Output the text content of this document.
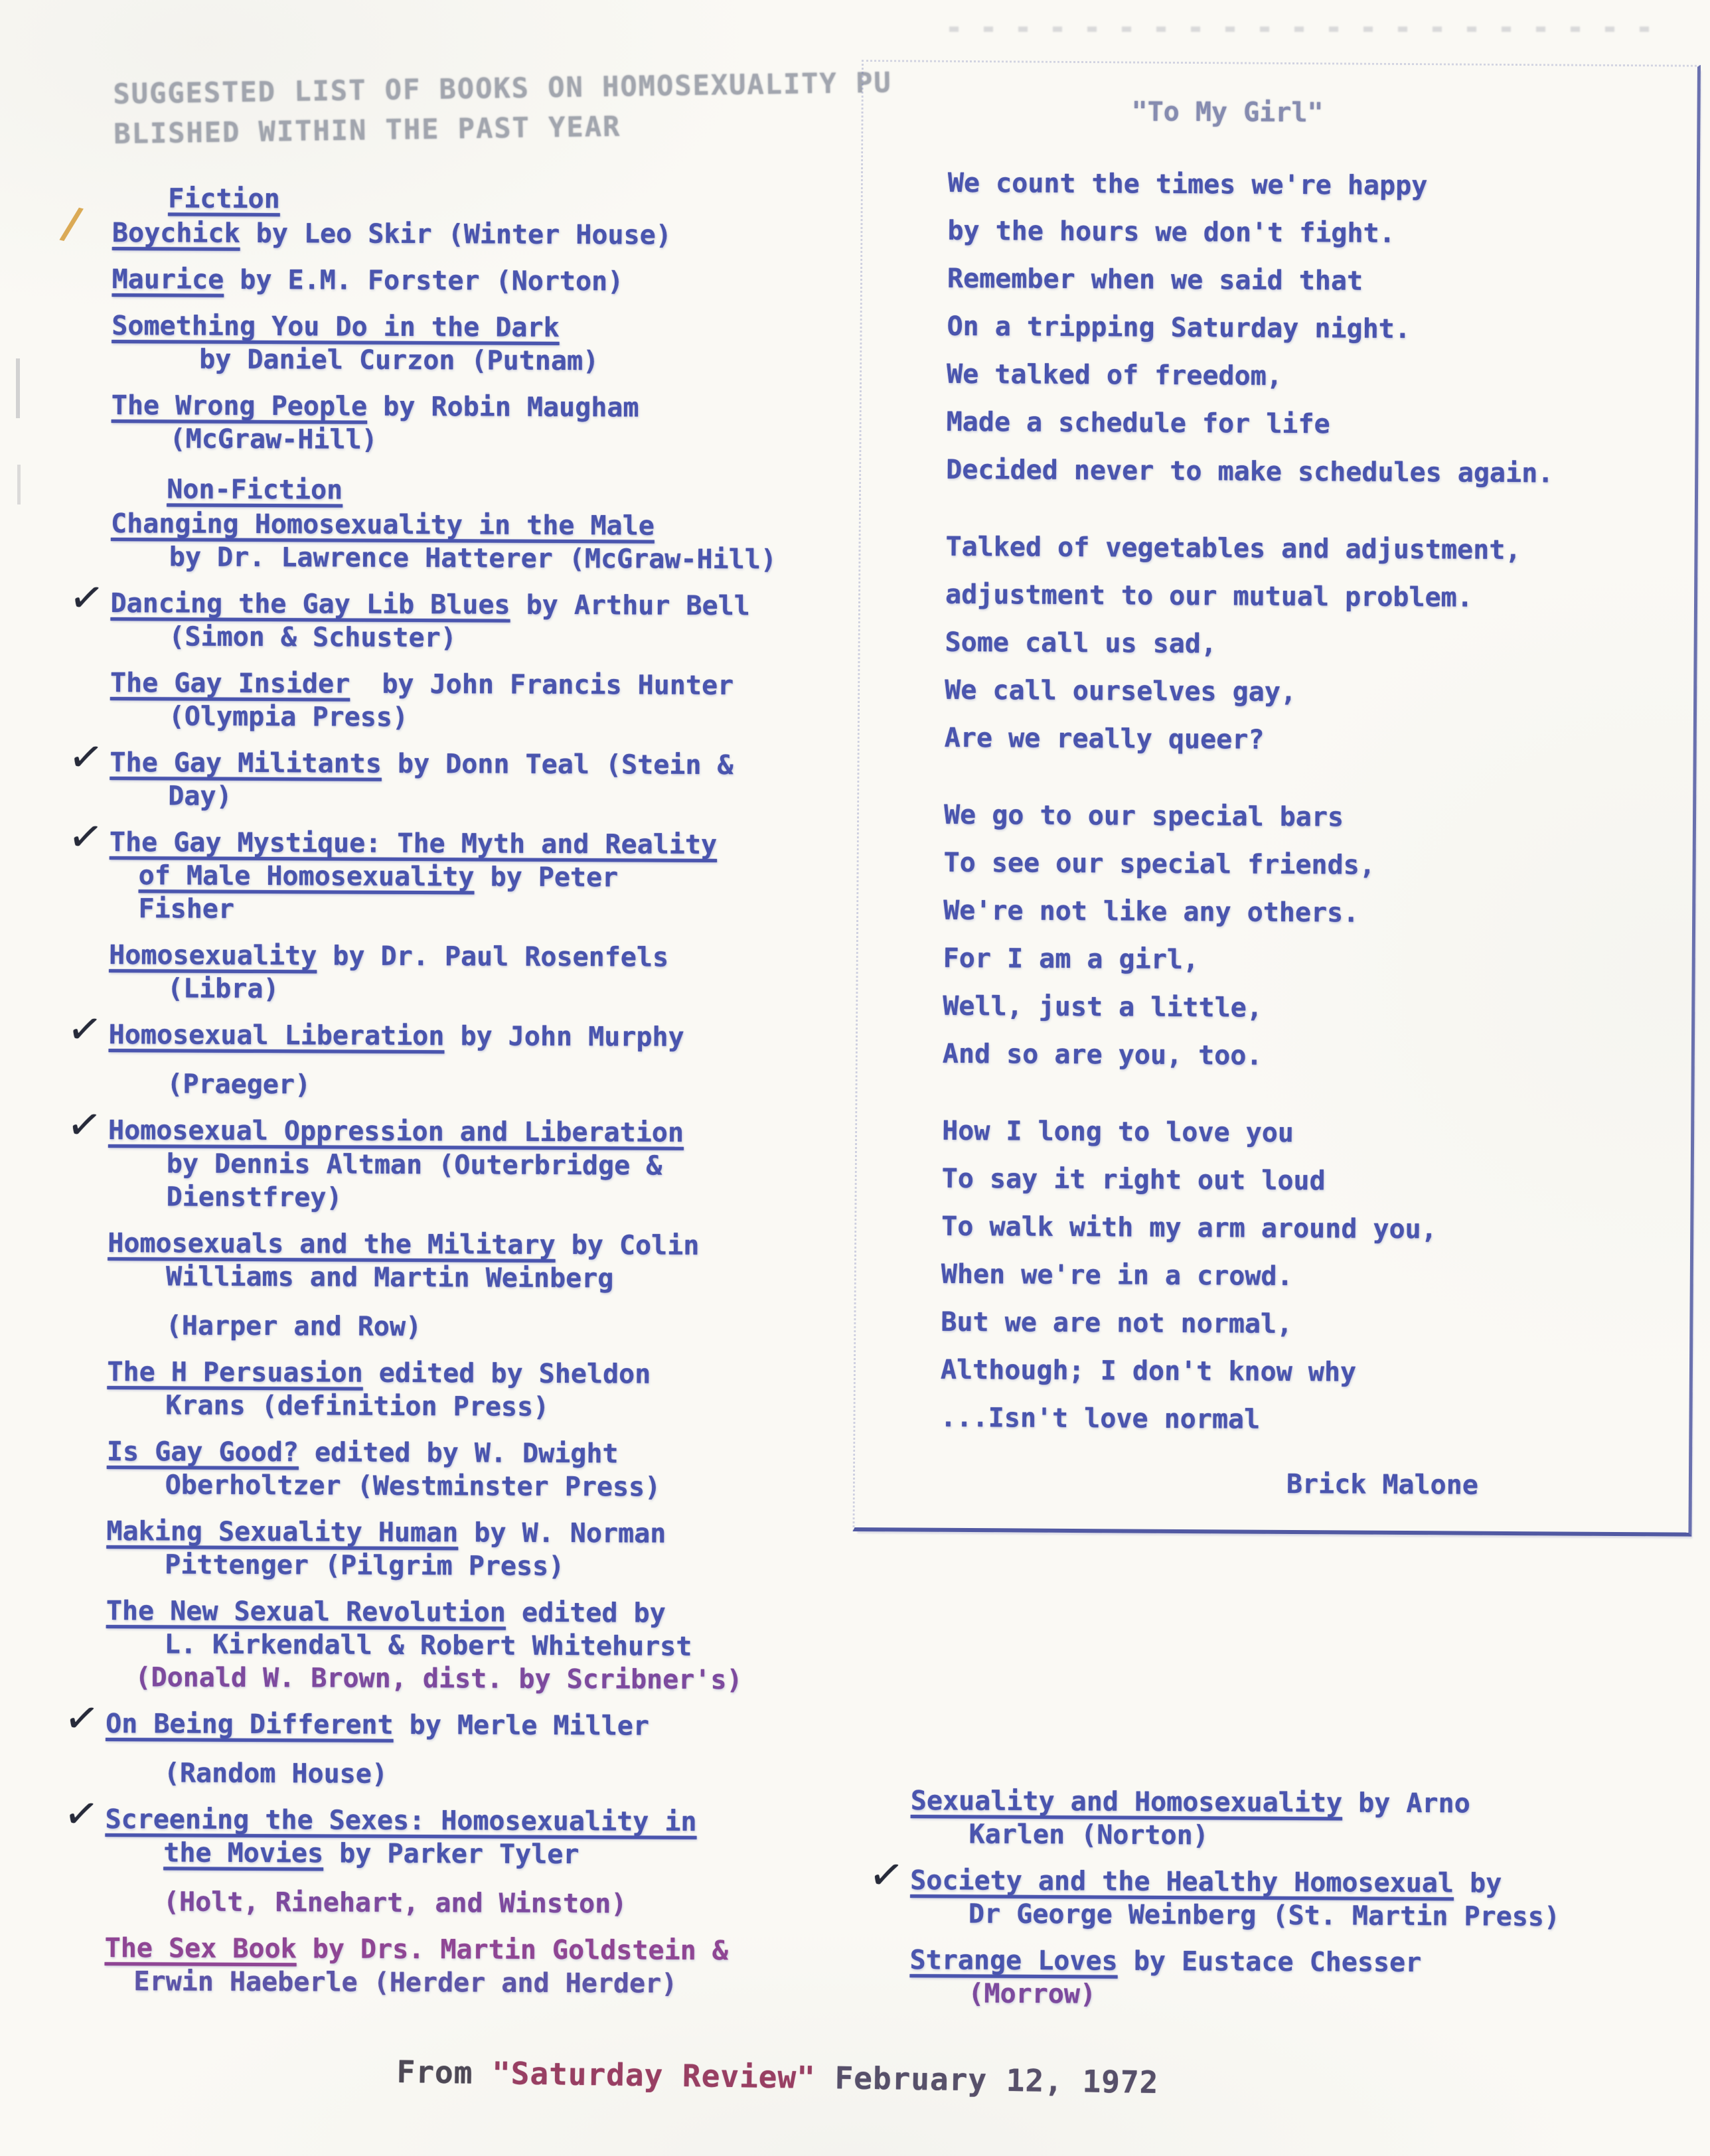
/
SUGGESTED LIST OF BOOKS ON HOMOSEXUALITY PU
BLISHED WITHIN THE PAST YEAR
Fiction
Boychick by Leo Skir (Winter House)
Maurice by E.M. Forster (Norton)
Something You Do in the Dark
by Daniel Curzon (Putnam)
The Wrong People by Robin Maugham
(McGraw-Hill)
Non-Fiction
Changing Homosexuality in the Male
by Dr. Lawrence Hatterer (McGraw-Hill)
✓ Dancing the Gay Lib Blues by Arthur Bell
(Simon & Schuster)
The Gay Insider  by John Francis Hunter
(Olympia Press)
✓ The Gay Militants by Donn Teal (Stein &
Day)
✓ The Gay Mystique: The Myth and Reality
of Male Homosexuality by Peter
Fisher
Homosexuality by Dr. Paul Rosenfels
(Libra)
✓ Homosexual Liberation by John Murphy
(Praeger)
✓ Homosexual Oppression and Liberation
by Dennis Altman (Outerbridge &
Dienstfrey)
Homosexuals and the Military by Colin
Williams and Martin Weinberg
(Harper and Row)
The H Persuasion edited by Sheldon
Krans (definition Press)
Is Gay Good? edited by W. Dwight
Oberholtzer (Westminster Press)
Making Sexuality Human by W. Norman
Pittenger (Pilgrim Press)
The New Sexual Revolution edited by
L. Kirkendall & Robert Whitehurst
(Donald W. Brown, dist. by Scribner's)
✓ On Being Different by Merle Miller
(Random House)
✓ Screening the Sexes: Homosexuality in
the Movies by Parker Tyler
(Holt, Rinehart, and Winston)
The Sex Book by Drs. Martin Goldstein &
Erwin Haeberle (Herder and Herder)
"To My Girl"
We count the times we're happy
by the hours we don't fight.
Remember when we said that
On a tripping Saturday night.
We talked of freedom,
Made a schedule for life
Decided never to make schedules again.
Talked of vegetables and adjustment,
adjustment to our mutual problem.
Some call us sad,
We call ourselves gay,
Are we really queer?
We go to our special bars
To see our special friends,
We're not like any others.
For I am a girl,
Well, just a little,
And so are you, too.
How I long to love you
To say it right out loud
To walk with my arm around you,
When we're in a crowd.
But we are not normal,
Although; I don't know why
...Isn't love normal
Brick Malone
Sexuality and Homosexuality by Arno
Karlen (Norton)
✓ Society and the Healthy Homosexual by
Dr George Weinberg (St. Martin Press)
Strange Loves by Eustace Chesser
(Morrow)
From "Saturday Review" February 12, 1972
